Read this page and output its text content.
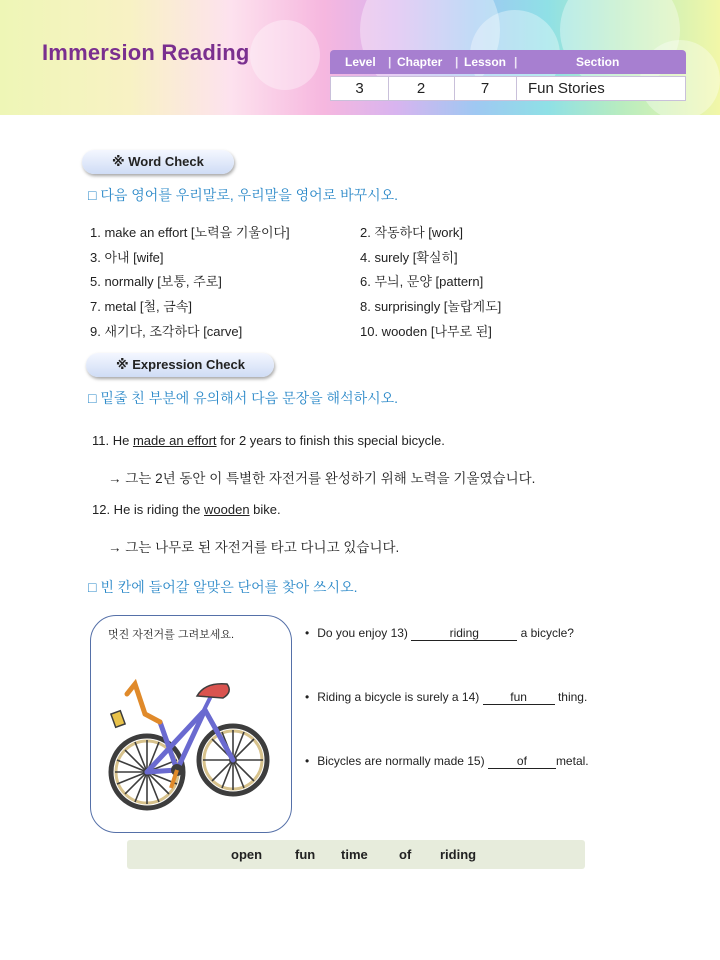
Immersion Reading	Level | Chapter | Lesson |	Section
3	2	7	Fun Stories
※ Word Check
□ 다음 영어를 우리말로, 우리말을 영어로 바꾸시오.
1. make an effort [노력을 기울이다]	2. 작동하다 [work]
3. 아내 [wife]	4. surely [확실히]
5. normally [보통, 주로]	6. 무늬, 문양 [pattern]
7. metal [철, 금속]	8. surprisingly [놀랍게도]
9. 새기다, 조각하다 [carve]	10. wooden [나무로 된]
※ Expression Check
□ 밑줄 친 부분에 유의해서 다음 문장을 해석하시오.
11. He made an effort for 2 years to finish this special bicycle.
→ 그는 2년 동안 이 특별한 자전거를 완성하기 위해 노력을 기울였습니다.
12. He is riding the wooden bike.
→ 그는 나무로 된 자전거를 타고 다니고 있습니다.
□ 빈 칸에 들어갈 알맞은 단어를 찾아 쓰시오.
멋진 자전거를 그려보세요.	• Do you enjoy 13)	riding	a bicycle?
• Riding a bicycle is surely a 14) fun thing.
• Bicycles are normally made 15) of metal.
open	fun time of riding
